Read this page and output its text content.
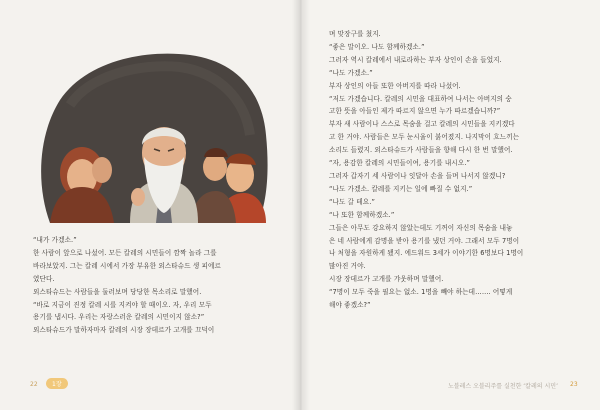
“내가 가겠소.”
한 사람이 앞으로 나섰어. 모든 칼레의 시민들이 깜짝 놀라 그를
바라보았지. 그는 칼레 시에서 가장 부유한 외스타슈드 생 피에르
였단다.
외스타슈드는 사람들을 둘러보며 당당한 목소리로 말했어.
“바로 지금이 진정 칼레 시를 지켜야 할 때이오. 자, 우리 모두
용기를 냅시다. 우리는 자랑스러운 칼레의 시민이지 않소?”
외스타슈드가 말하자마자 칼레의 시장 장데르가 고개를 끄덕이
22	1장
며 맞장구를 쳤지.
“좋은 말이오. 나도 함께하겠소.”
그러자 역시 칼레에서 내로라하는 부자 상인이 손을 들었지.
“나도 가겠소.”
부자 상인의 아들 또한 아버지를 따라 나섰어.
“저도 가겠습니다. 칼레의 시민을 대표하여 나서는 아버지의 숭
고한 뜻을 아들인 제가 따르지 않으면 누가 따르겠습니까?”
부자 새 사람이나 스스로 목숨을 걸고 칼레의 시민들을 지키겠다
고 한 거야. 사람들은 모두 눈시울이 붉어졌지. 나지막이 흐느끼는
소리도 들렸지. 외스타슈드가 사람들을 향해 다시 한 번 말했어.
“자, 용감한 칼레의 시민들이여, 용기를 내시오.”
그러자 갑자기 세 사람이나 잇달아 손을 들며 나서지 않겠니?
“나도 가겠소. 칼레를 지키는 일에 빠질 수 없지.”
“나도 갈 테요.”
“나 또한 함께하겠소.”
그들은 아무도 강요하지 않았는데도 기꺼이 자신의 목숨을 내놓
은 네 사람에게 감명을 받아 용기를 냈던 거야. 그래서 모두 7명이
나 처형을 자원하게 됐지. 에드워드 3세가 이야기한 6명보다 1명이
많아진 거야.
시장 장데르가 고개를 갸웃하며 말했어.
“7명이 모두 죽을 필요는 없소. 1명을 빼야 하는데……. 어떻게
해야 좋겠소?”
노블레스 오블리주를 실천한 ‘칼레의 시민’ 23
